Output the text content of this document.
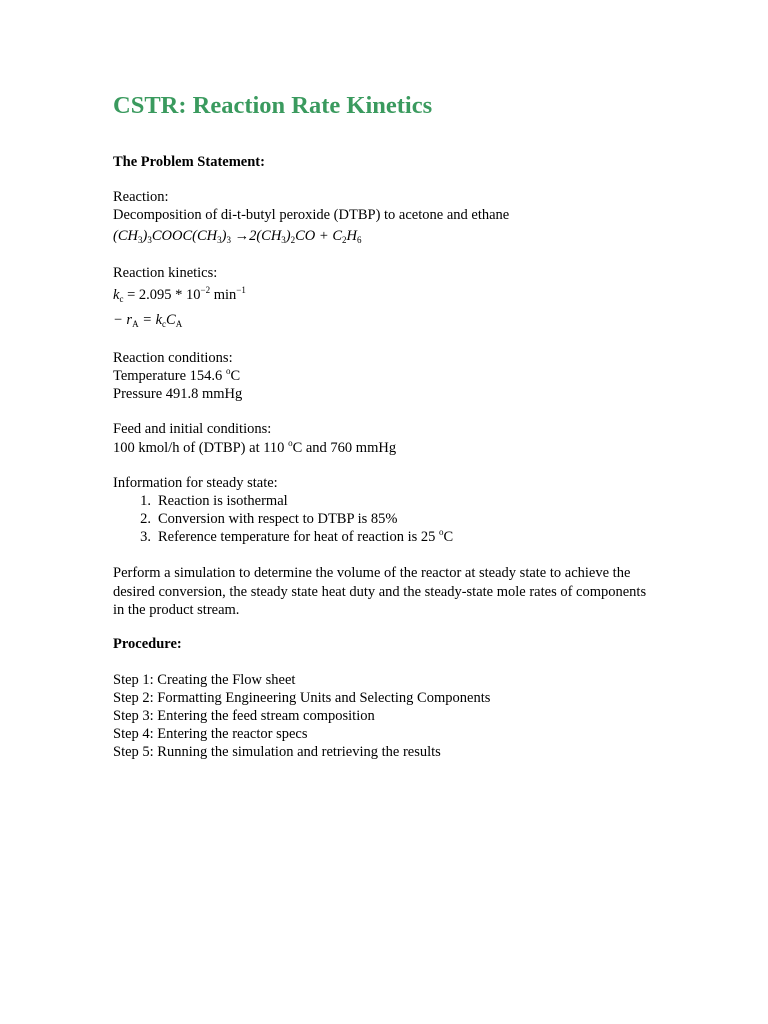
CSTR: Reaction Rate Kinetics
The Problem Statement:
Reaction:
Decomposition of di-t-butyl peroxide (DTBP) to acetone and ethane
$(CH_3)_3COOC(CH_3)_3 \to 2(CH_3)_2CO + C_2H_6$
Reaction kinetics:
$k_c = 2.095 * 10^{-2}$ $\min^{-1}$
− $r_A = k_cC_A$
Reaction conditions:
Temperature 154.6 $^o$C
Pressure 491.8 mmHg
Feed and initial conditions:
100 kmol/h of (DTBP) at 110 $^o$C and 760 mmHg
Information for steady state:
1. Reaction is isothermal
2. Conversion with respect to DTBP is 85%
3. Reference temperature for heat of reaction is 25 $^o$C
Perform a simulation to determine the volume of the reactor at steady state to achieve the desired conversion, the steady state heat duty and the steady-state mole rates of components in the product stream.
Procedure:
Step 1: Creating the Flow sheet
Step 2: Formatting Engineering Units and Selecting Components
Step 3: Entering the feed stream composition
Step 4: Entering the reactor specs
Step 5: Running the simulation and retrieving the results
